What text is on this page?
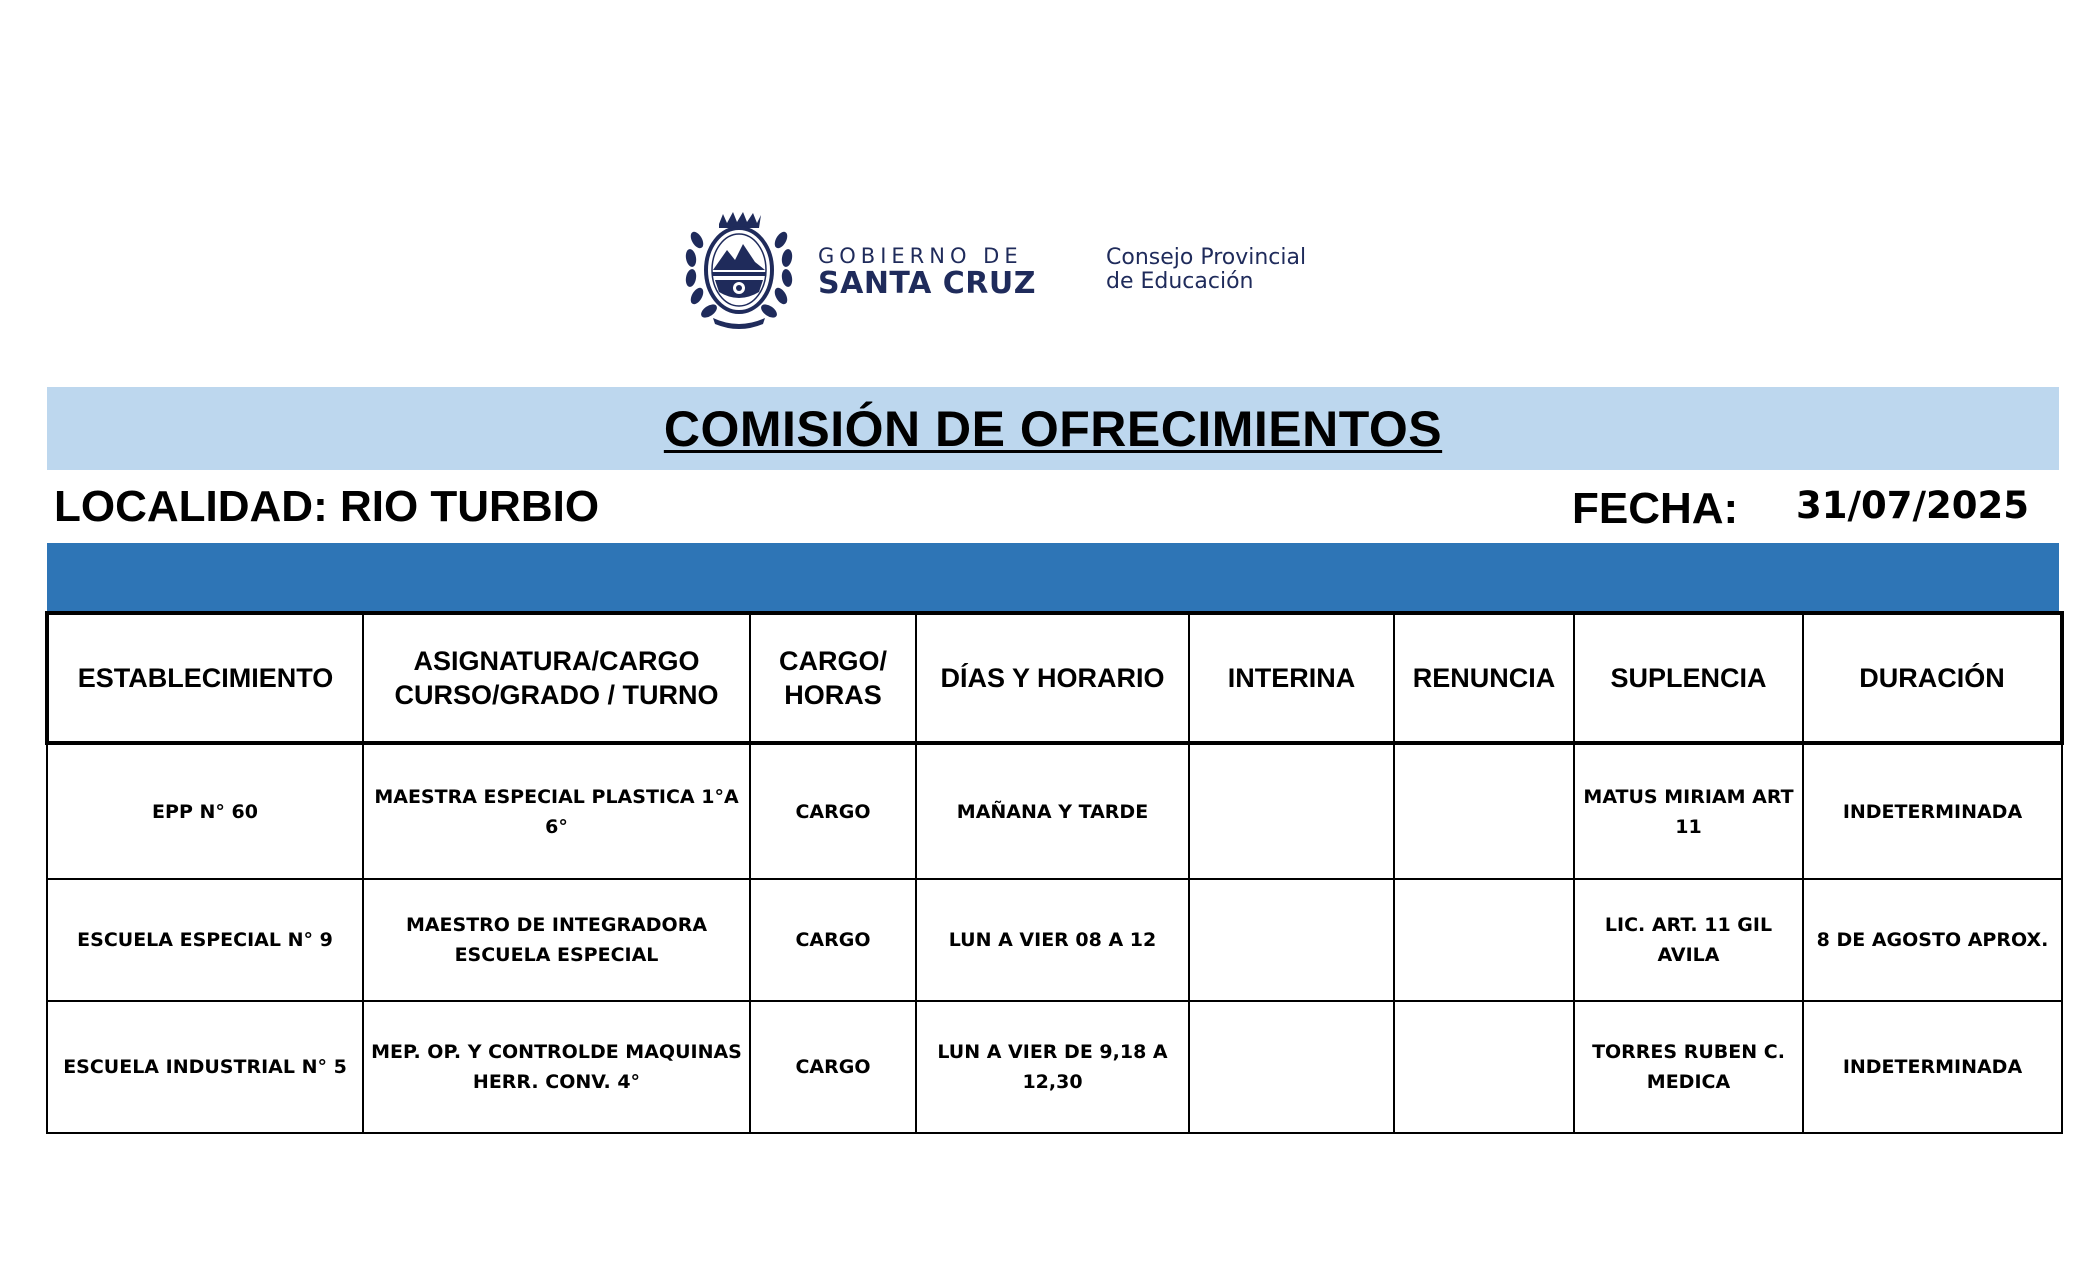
GOBIERNO DE
SANTA CRUZ
Consejo Provincial
de Educación
COMISIÓN DE OFRECIMIENTOS
LOCALIDAD: RIO TURBIO	FECHA: 31/07/2025
ESTABLECIMIENTO	ASIGNATURA/CARGO CURSO/GRADO / TURNO	CARGO/ HORAS	DÍAS Y HORARIO	INTERINA	RENUNCIA	SUPLENCIA	DURACIÓN
EPP N° 60	MAESTRA ESPECIAL PLASTICA 1°A 6°	CARGO	MAÑANA Y TARDE			MATUS MIRIAM ART 11	INDETERMINADA
ESCUELA ESPECIAL N° 9	MAESTRO DE INTEGRADORA ESCUELA ESPECIAL	CARGO	LUN A VIER 08 A 12			LIC. ART. 11 GIL AVILA	8 DE AGOSTO APROX.
ESCUELA INDUSTRIAL N° 5	MEP. OP. Y CONTROLDE MAQUINAS HERR. CONV. 4°	CARGO	LUN A VIER DE 9,18 A 12,30			TORRES RUBEN C. MEDICA	INDETERMINADA
